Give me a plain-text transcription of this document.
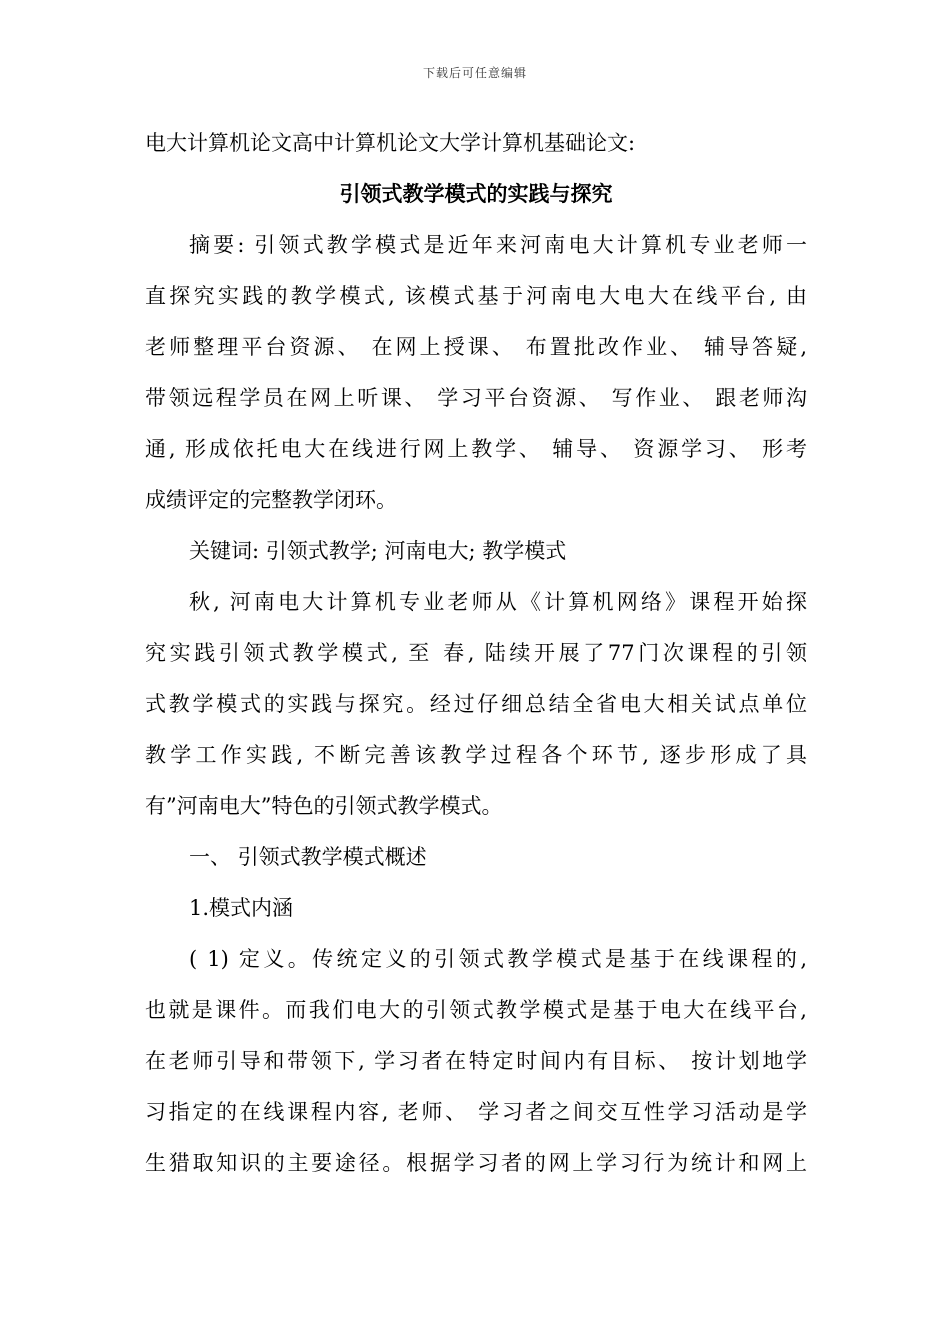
下载后可任意编辑
电大计算机论文高中计算机论文大学计算机基础论文:
引领式教学模式的实践与探究
摘要: 引领式教学模式是近年来河南电大计算机专业老师一
直探究实践的教学模式, 该模式基于河南电大电大在线平台, 由
老师整理平台资源、 在网上授课、 布置批改作业、 辅导答疑,
带领远程学员在网上听课、 学习平台资源、 写作业、 跟老师沟
通, 形成依托电大在线进行网上教学、 辅导、 资源学习、 形考
成绩评定的完整教学闭环。
关键词: 引领式教学; 河南电大; 教学模式
秋, 河南电大计算机专业老师从《计算机网络》课程开始探
究实践引领式教学模式, 至 春, 陆续开展了77门次课程的引领
式教学模式的实践与探究。经过仔细总结全省电大相关试点单位
教学工作实践, 不断完善该教学过程各个环节, 逐步形成了具
有”河南电大”特色的引领式教学模式。
一、 引领式教学模式概述
1.模式内涵
( 1) 定义。传统定义的引领式教学模式是基于在线课程的,
也就是课件。而我们电大的引领式教学模式是基于电大在线平台,
在老师引导和带领下, 学习者在特定时间内有目标、 按计划地学
习指定的在线课程内容, 老师、 学习者之间交互性学习活动是学
生猎取知识的主要途径。根据学习者的网上学习行为统计和网上
